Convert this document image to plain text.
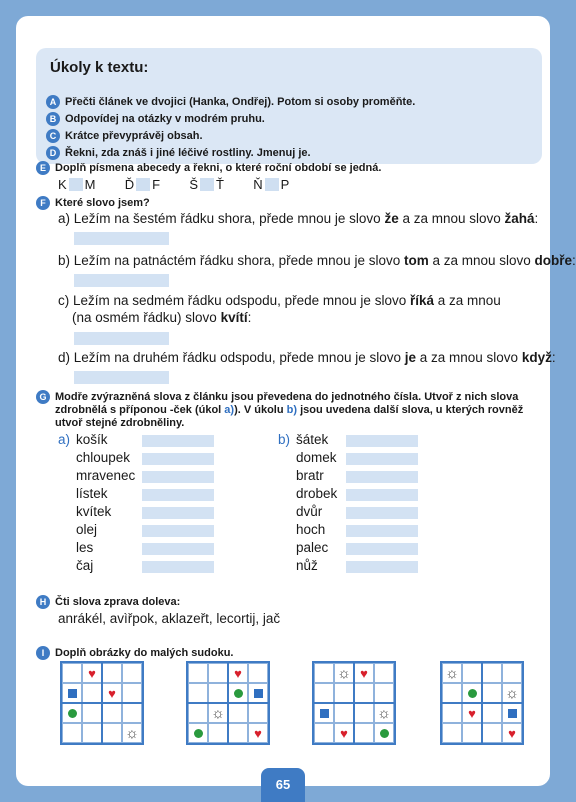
Úkoly k textu:
A Přečti článek ve dvojici (Hanka, Ondřej). Potom si osoby proměňte.
B Odpovídej na otázky v modrém pruhu.
C Krátce převyprávěj obsah.
D Řekni, zda znáš i jiné léčivé rostliny. Jmenuj je.
E Doplň písmena abecedy a řekni, o které roční období se jedná.
K M Ď F Š Ť Ň P
F Které slovo jsem?
a) Ležím na šestém řádku shora, přede mnou je slovo že a za mnou slovo žahá:
b) Ležím na patnáctém řádku shora, přede mnou je slovo tom a za mnou slovo dobře:
c) Ležím na sedmém řádku odspodu, přede mnou je slovo říká a za mnou
(na osmém řádku) slovo kvítí:
d) Ležím na druhém řádku odspodu, přede mnou je slovo je a za mnou slovo když:
G Modře zvýrazněná slova z článku jsou převedena do jednotného čísla. Utvoř z nich slova
zdrobnělá s příponou -ček (úkol a)). V úkolu b) jsou uvedena další slova, u kterých rovněž
utvoř stejné zdrobněliny.
a)	b)
košík
chloupek
mravenec
lístek
kvítek
olej
les
čaj
šátek
domek
bratr
drobek
dvůr
hoch
palec
nůž
H Čti slova zprava doleva:
anrákél, avìřpok, aklazeřt, lecortij, jač
I Doplň obrázky do malých sudoku.
♥
♥
☼
♥
☼
♥
☼ ♥
☼
♥
☼
☼
♥
♥
65
